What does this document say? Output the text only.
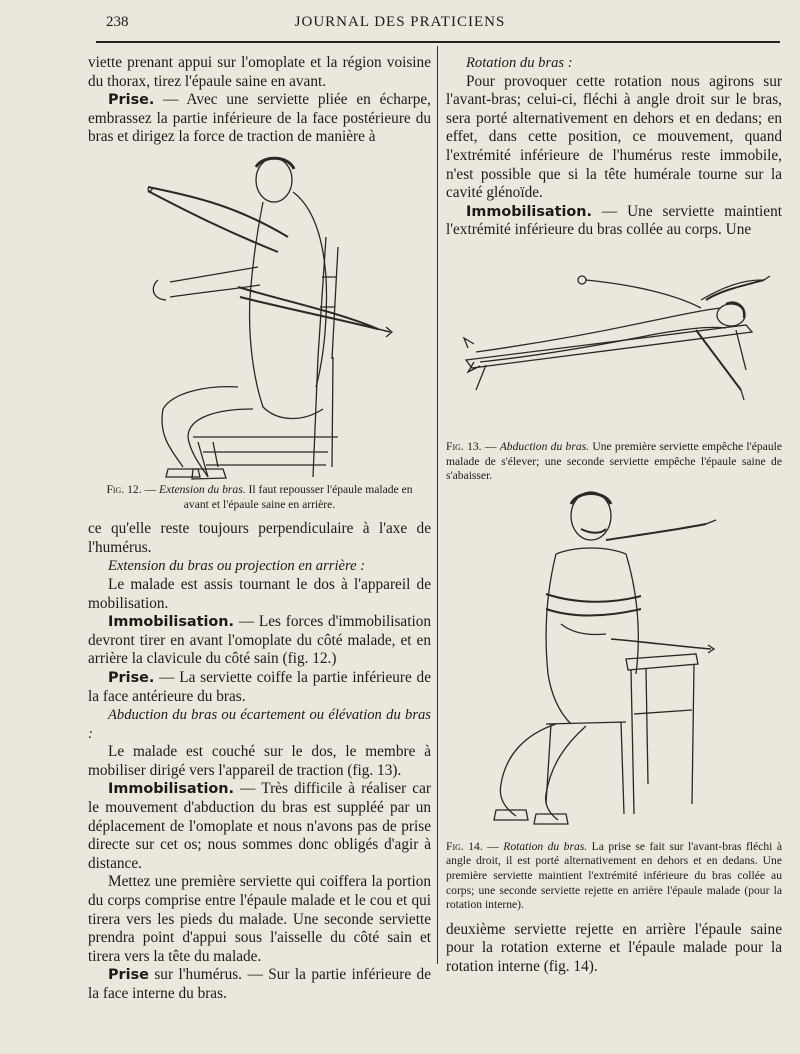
238	JOURNAL DES PRATICIENS

viette prenant appui sur l'omoplate et la région voisine du thorax, tirez l'épaule saine en avant.

Prise. — Avec une serviette pliée en écharpe, embrassez la partie inférieure de la face postérieure du bras et dirigez la force de traction de manière à

Fig. 12. — Extension du bras. Il faut repousser l'épaule malade en avant et l'épaule saine en arrière.

ce qu'elle reste toujours perpendiculaire à l'axe de l'humérus.

Extension du bras ou projection en arrière :

Le malade est assis tournant le dos à l'appareil de mobilisation.

Immobilisation. — Les forces d'immobilisation devront tirer en avant l'omoplate du côté malade, et en arrière la clavicule du côté sain (fig. 12.)

Prise. — La serviette coiffe la partie inférieure de la face antérieure du bras.

Abduction du bras ou écartement ou élévation du bras :

Le malade est couché sur le dos, le membre à mobiliser dirigé vers l'appareil de traction (fig. 13).

Immobilisation. — Très difficile à réaliser car le mouvement d'abduction du bras est suppléé par un déplacement de l'omoplate et nous n'avons pas de prise directe sur cet os; nous sommes donc obligés d'agir à distance.

Mettez une première serviette qui coiffera la portion du corps comprise entre l'épaule malade et le cou et qui tirera vers les pieds du malade. Une seconde serviette prendra point d'appui sous l'aisselle du côté sain et tirera vers la tête du malade.

Prise sur l'humérus. — Sur la partie inférieure de la face interne du bras.

Rotation du bras :

Pour provoquer cette rotation nous agirons sur l'avant-bras; celui-ci, fléchi à angle droit sur le bras, sera porté alternativement en dehors et en dedans; en effet, dans cette position, ce mouvement, quand l'extrémité inférieure de l'humérus reste immobile, n'est possible que si la tête humérale tourne sur la cavité glénoïde.

Immobilisation. — Une serviette maintient l'extrémité inférieure du bras collée au corps. Une

Fig. 13. — Abduction du bras. Une première serviette empêche l'épaule malade de s'élever; une seconde serviette empêche l'épaule saine de s'abaisser.

Fig. 14. — Rotation du bras. La prise se fait sur l'avant-bras fléchi à angle droit, il est porté alternativement en dehors et en dedans. Une première serviette maintient l'extrémité inférieure du bras collée au corps; une seconde serviette rejette en arrière l'épaule malade (pour la rotation interne).

deuxième serviette rejette en arrière l'épaule saine pour la rotation externe et l'épaule malade pour la rotation interne (fig. 14).
